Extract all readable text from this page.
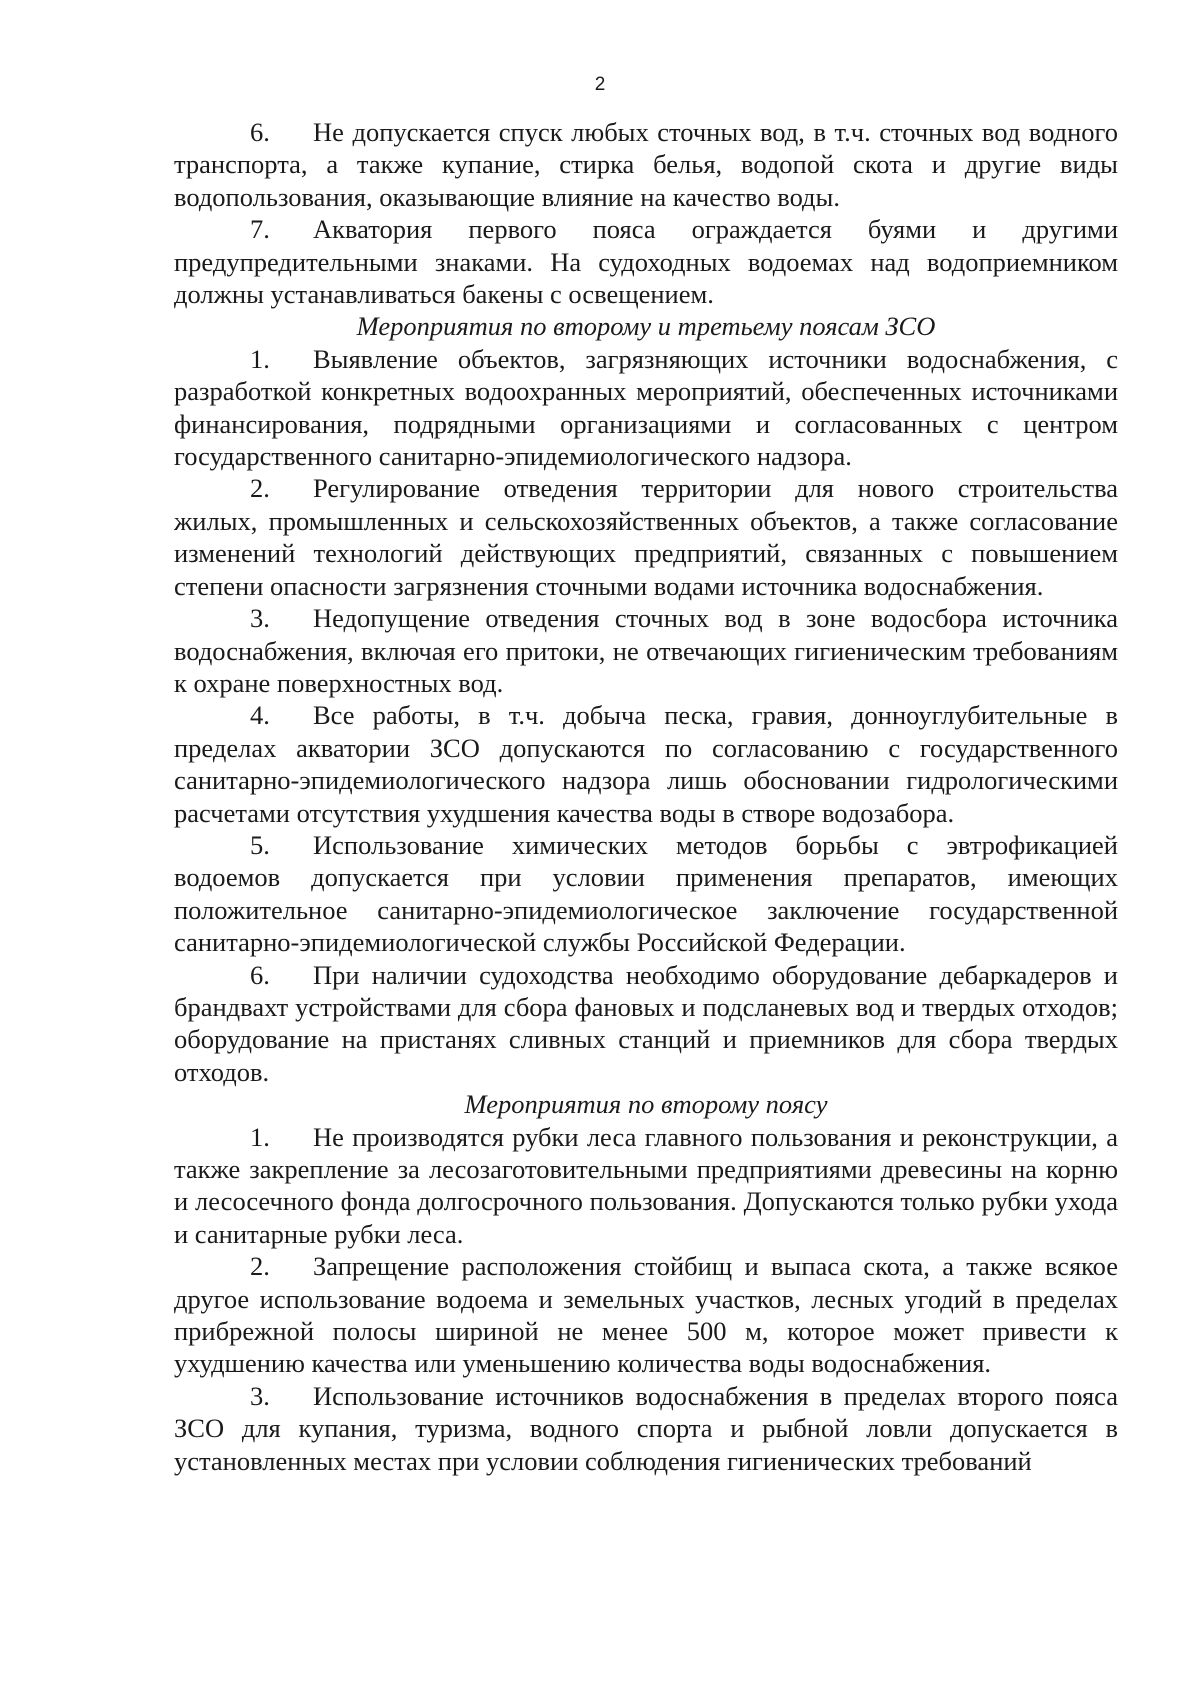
2

6. Не допускается спуск любых сточных вод, в т.ч. сточных вод водного транспорта, а также купание, стирка белья, водопой скота и другие виды водопользования, оказывающие влияние на качество воды.

7. Акватория первого пояса ограждается буями и другими предупредительными знаками. На судоходных водоемах над водоприемником должны устанавливаться бакены с освещением.

Мероприятия по второму и третьему поясам ЗСО

1. Выявление объектов, загрязняющих источники водоснабжения, с разработкой конкретных водоохранных мероприятий, обеспеченных источниками финансирования, подрядными организациями и согласованных с центром государственного санитарно-эпидемиологического надзора.

2. Регулирование отведения территории для нового строительства жилых, промышленных и сельскохозяйственных объектов, а также согласование изменений технологий действующих предприятий, связанных с повышением степени опасности загрязнения сточными водами источника водоснабжения.

3. Недопущение отведения сточных вод в зоне водосбора источника водоснабжения, включая его притоки, не отвечающих гигиеническим требованиям к охране поверхностных вод.

4. Все работы, в т.ч. добыча песка, гравия, донноуглубительные в пределах акватории ЗСО допускаются по согласованию с государственного санитарно-эпидемиологического надзора лишь обосновании гидрологическими расчетами отсутствия ухудшения качества воды в створе водозабора.

5. Использование химических методов борьбы с эвтрофикацией водоемов допускается при условии применения препаратов, имеющих положительное санитарно-эпидемиологическое заключение государственной санитарно-эпидемиологической службы Российской Федерации.

6. При наличии судоходства необходимо оборудование дебаркадеров и брандвахт устройствами для сбора фановых и подсланевых вод и твердых отходов; оборудование на пристанях сливных станций и приемников для сбора твердых отходов.

Мероприятия по второму поясу

1. Не производятся рубки леса главного пользования и реконструкции, а также закрепление за лесозаготовительными предприятиями древесины на корню и лесосечного фонда долгосрочного пользования. Допускаются только рубки ухода и санитарные рубки леса.

2. Запрещение расположения стойбищ и выпаса скота, а также всякое другое использование водоема и земельных участков, лесных угодий в пределах прибрежной полосы шириной не менее 500 м, которое может привести к ухудшению качества или уменьшению количества воды водоснабжения.

3. Использование источников водоснабжения в пределах второго пояса ЗСО для купания, туризма, водного спорта и рыбной ловли допускается в установленных местах при условии соблюдения гигиенических требований
